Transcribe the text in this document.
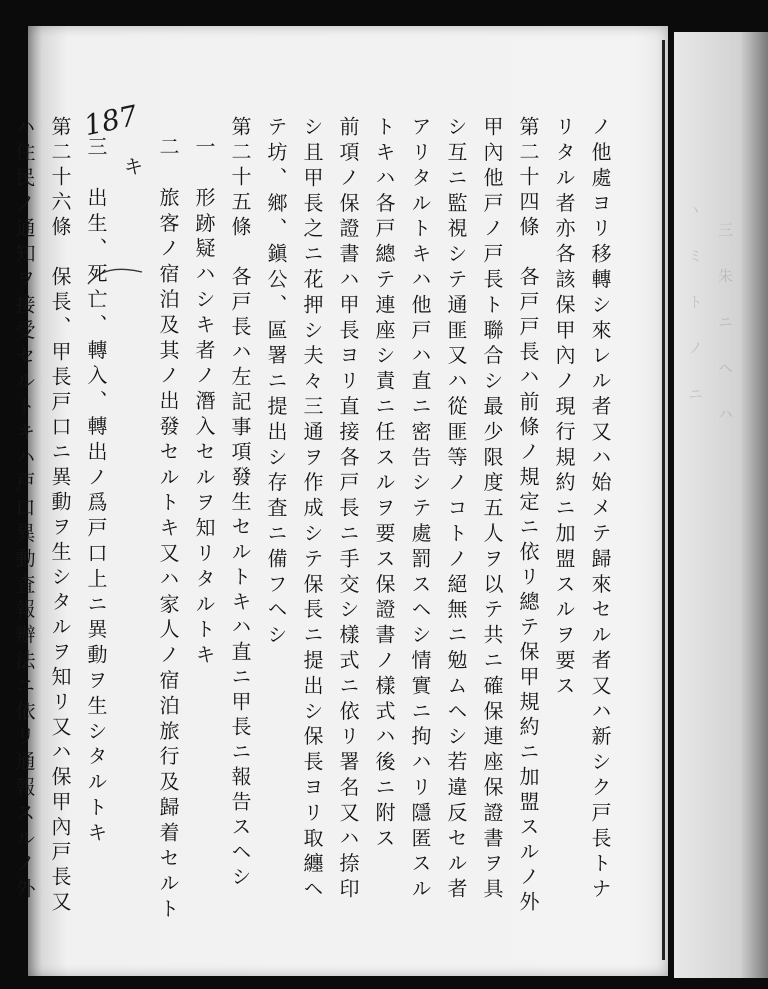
ヽ　ミ　ト　ノ　ニ 三　朱　ニ　ヘ　ハ
187	ノ他處ヨリ移轉シ來レル者又ハ始メテ歸來セル者又ハ新シク戸長トナ
リタル者亦各該保甲內ノ現行規約ニ加盟スルヲ要ス
第二十四條　各戸戸長ハ前條ノ規定ニ依リ總テ保甲規約ニ加盟スルノ外
甲內他戸ノ戸長ト聯合シ最少限度五人ヲ以テ共ニ確保連座保證書ヲ具
シ互ニ監視シテ通匪又ハ從匪等ノコトノ絕無ニ勉ムヘシ若違反セル者
アリタルトキハ他戸ハ直ニ密告シテ處罰スヘシ情實ニ拘ハリ隱匿スル
トキハ各戸總テ連座シ責ニ任スルヲ要ス保證書ノ樣式ハ後ニ附ス
前項ノ保證書ハ甲長ヨリ直接各戸長ニ手交シ樣式ニ依リ署名又ハ捺印
シ且甲長之ニ花押シ夫々三通ヲ作成シテ保長ニ提出シ保長ヨリ取纏ヘ
テ坊、鄉、鎭公、區署ニ提出シ存査ニ備フヘシ
第二十五條　各戸長ハ左記事項發生セルトキハ直ニ甲長ニ報告スヘシ
一　形跡疑ハシキ者ノ潛入セルヲ知リタルトキ
二　旅客ノ宿泊及其ノ出發セルトキ又ハ家人ノ宿泊旅行及歸着セルト
キ
三　出生、死亡、轉入、轉出ノ爲戸口上ニ異動ヲ生シタルトキ
第二十六條　保長、甲長戸口ニ異動ヲ生シタルヲ知リ又ハ保甲內戸長又
ハ住民ノ通知ヲ接受セルトキハ戸口異動査報辦法ニ依リ通報スルノ外
